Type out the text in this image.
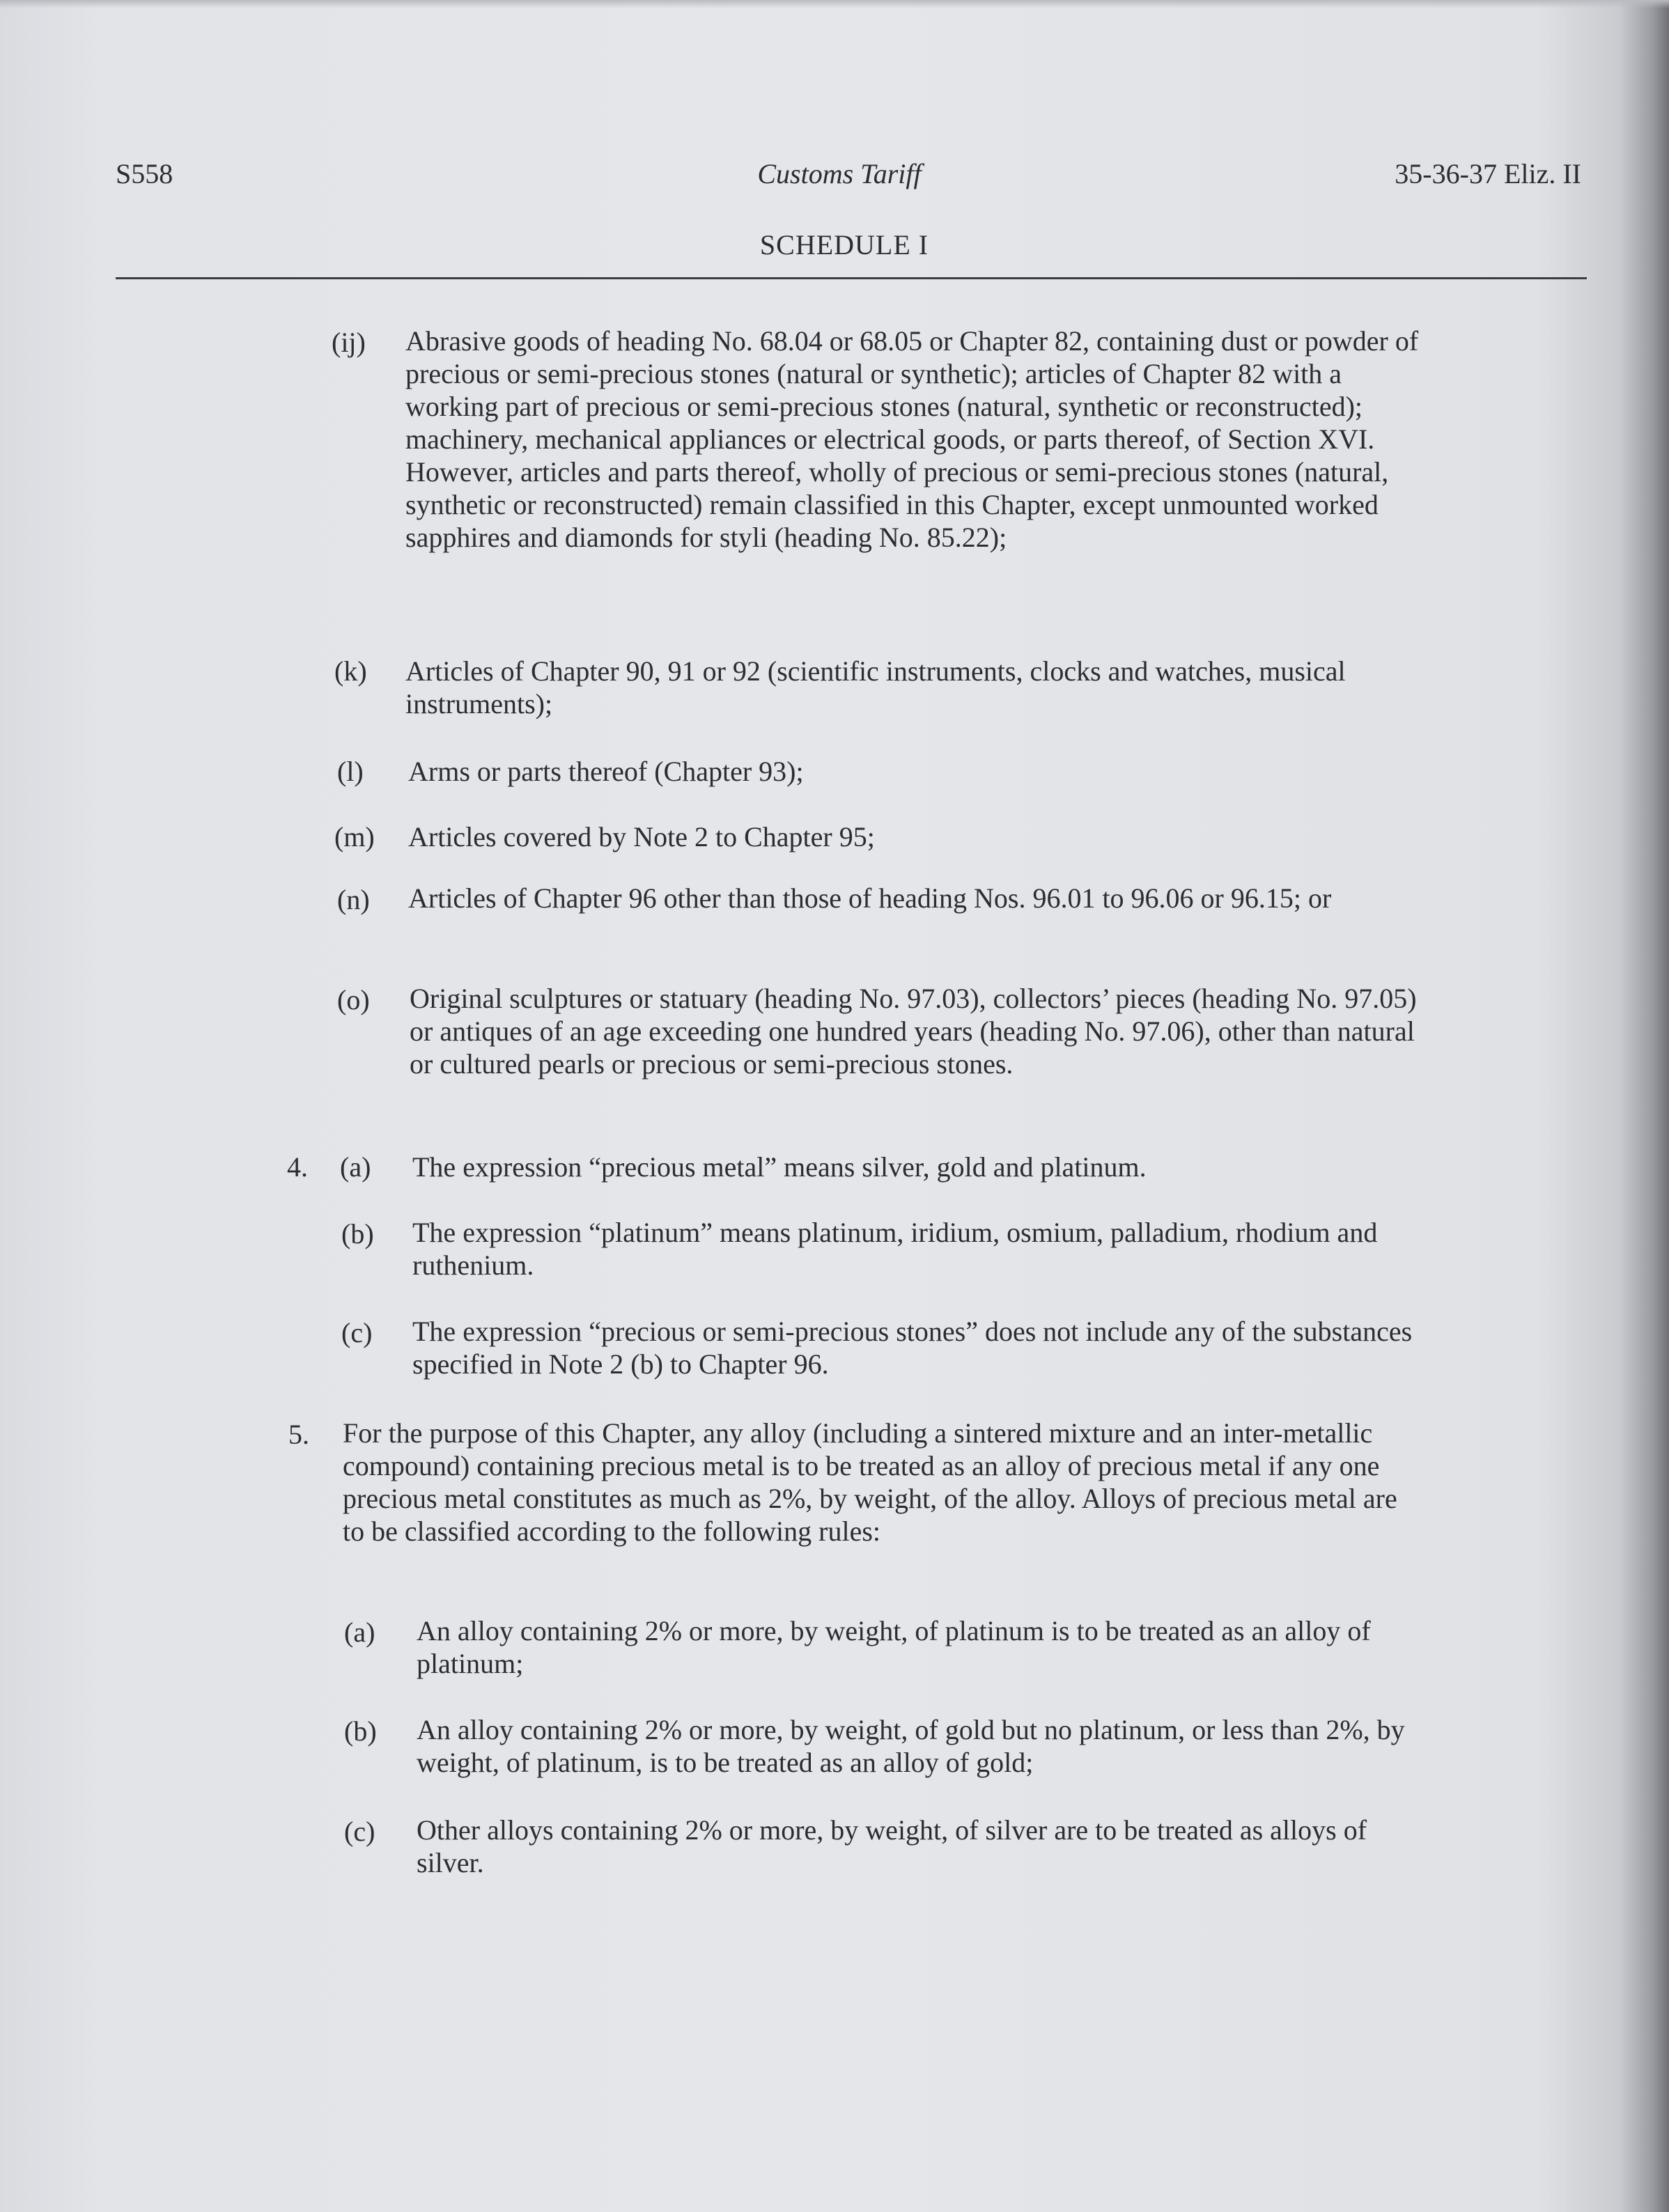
S558	Customs Tariff	35-36-37 Eliz. II
SCHEDULE I
(ij) Abrasive goods of heading No. 68.04 or 68.05 or Chapter 82, containing dust or powder of precious or semi-precious stones (natural or synthetic); articles of Chapter 82 with a working part of precious or semi-precious stones (natural, synthetic or reconstructed); machinery, mechanical appliances or electrical goods, or parts thereof, of Section XVI. However, articles and parts thereof, wholly of precious or semi-precious stones (natural, synthetic or reconstructed) remain classified in this Chapter, except unmounted worked sapphires and diamonds for styli (heading No. 85.22);
(k) Articles of Chapter 90, 91 or 92 (scientific instruments, clocks and watches, musical instruments);
(l) Arms or parts thereof (Chapter 93);
(m) Articles covered by Note 2 to Chapter 95;
(n) Articles of Chapter 96 other than those of heading Nos. 96.01 to 96.06 or 96.15; or
(o) Original sculptures or statuary (heading No. 97.03), collectors’ pieces (heading No. 97.05) or antiques of an age exceeding one hundred years (heading No. 97.06), other than natural or cultured pearls or precious or semi-precious stones.
4. (a) The expression “precious metal” means silver, gold and platinum.
(b) The expression “platinum” means platinum, iridium, osmium, palladium, rhodium and ruthenium.
(c) The expression “precious or semi-precious stones” does not include any of the substances specified in Note 2 (b) to Chapter 96.
5. For the purpose of this Chapter, any alloy (including a sintered mixture and an inter-metallic compound) containing precious metal is to be treated as an alloy of precious metal if any one precious metal constitutes as much as 2%, by weight, of the alloy. Alloys of precious metal are to be classified according to the following rules:
(a) An alloy containing 2% or more, by weight, of platinum is to be treated as an alloy of platinum;
(b) An alloy containing 2% or more, by weight, of gold but no platinum, or less than 2%, by weight, of platinum, is to be treated as an alloy of gold;
(c) Other alloys containing 2% or more, by weight, of silver are to be treated as alloys of silver.
